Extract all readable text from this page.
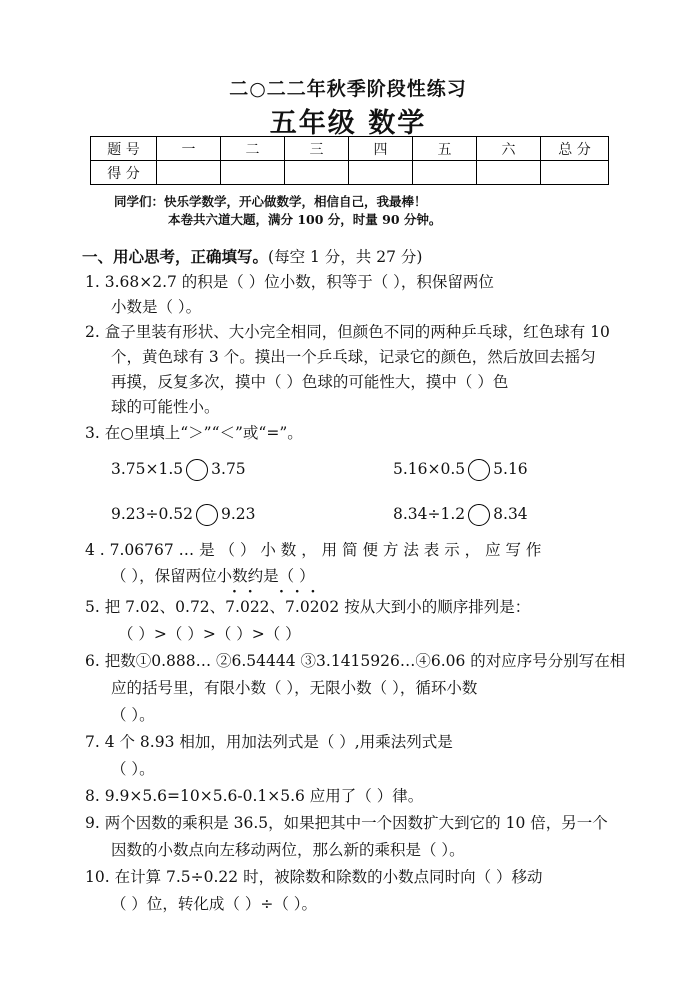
二○二二年秋季阶段性练习
五年级 数学
题 号	一	二	三	四	五	六	总 分
得 分							
同学们：快乐学数学，开心做数学，相信自己，我最棒！
本卷共六道大题，满分 100 分，时量 90 分钟。
一、用心思考，正确填写。(每空 1 分，共 27 分)
1. 3.68×2.7 的积是（ ）位小数，积等于（ ），积保留两位
小数是（ ）。
2. 盒子里装有形状、大小完全相同，但颜色不同的两种乒乓球，红色球有 10
个，黄色球有 3 个。摸出一个乒乓球，记录它的颜色，然后放回去摇匀
再摸，反复多次，摸中（ ）色球的可能性大，摸中（ ）色
球的可能性小。
3. 在○里填上“＞”“＜”或“=”。
3.75×1.5 3.75	5.16×0.5 5.16
9.23÷0.52 9.23	8.34÷1.2 8.34
4 . 7.06767 … 是 （ ） 小 数 ， 用 简 便 方 法 表 示 ， 应 写 作
（ ），保留两位小数约是（ ）
· · · · ·
5. 把 7.02、0.72、7.022、7.0202 按从大到小的顺序排列是：
（ ）>（ ）>（ ）>（ ）
6. 把数①0.888… ②6.54444 ③3.1415926…④6.06 的对应序号分别写在相
应的括号里，有限小数（ ），无限小数（ ），循环小数
（ ）。
7. 4 个 8.93 相加，用加法列式是（ ）,用乘法列式是
（ ）。
8. 9.9×5.6=10×5.6-0.1×5.6 应用了（ ）律。
9. 两个因数的乘积是 36.5，如果把其中一个因数扩大到它的 10 倍，另一个
因数的小数点向左移动两位，那么新的乘积是（ ）。
10. 在计算 7.5÷0.22 时，被除数和除数的小数点同时向（ ）移动
（ ）位，转化成（ ）÷（ ）。
